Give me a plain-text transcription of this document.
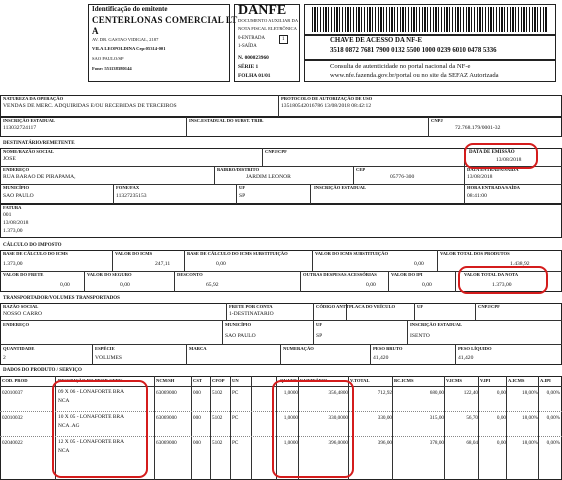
Identificação do emitente
CENTERLONAS COMERCIAL LT
A
AV. DR. GASTAO VIDIGAL, 2187
VILA LEOPOLDINA Cep:05314-001
SAO PAULO/SP
Fone: 551138380144
DANFE
DOCUMENTO AUXILIAR DA
NOTA FISCAL ELETRÔNICA
0-ENTRADA	1
1-SAÍDA
N. 000023960
SÉRIE 1
FOLHA 01/01
CHAVE DE ACESSO DA NF-E
3518 0872 7681 7900 0132 5500 1000 0239 6010 0478 5336
Consulta de autenticidade no portal nacional da NF-e
www.nfe.fazenda.gov.br/portal ou no site da SEFAZ Autorizada
NATUREZA DA OPERAÇÃO
VENDAS DE MERC. ADQUIRIDAS E/OU RECEBIDAS DE TERCEIROS
PROTOCOLO DE AUTORIZAÇÃO DE USO
135180542016786 13/08/2018 08:42:12
INSCRIÇÃO ESTADUAL
113032724117
INSC.ESTADUAL DO SUBST. TRIB.	CNPJ
72.768.179/0001-32
DESTINATÁRIO/REMETENTE
NOME/RAZÃO SOCIAL
JOSE
CNPJ/CPF	DATA DE EMISSÃO
13/08/2018
ENDEREÇO
RUA BARAO DE PIRAPAMA,
BAIRRO/DISTRITO
JARDIM LEONOR
CEP
05776-300
DATA ENTRADA/SAÍDA
13/08/2018
MUNICÍPIO
SAO PAULO
FONE/FAX
11327235153
UF
SP
INSCRIÇÃO ESTADUAL	HORA ENTRADA/SAÍDA
08:41:00
FATURA
001
13/08/2018
1.373,00
CÁLCULO DO IMPOSTO
BASE DE CÁLCULO DO ICMS
1.373,00
VALOR DO ICMS
247,11
BASE DE CÁLCULO DO ICMS SUBSTITUIÇÃO
0,00
VALOR DO ICMS SUBSTITUIÇÃO
0,00
VALOR TOTAL DOS PRODUTOS
1.438,92
VALOR DO FRETE
0,00
VALOR DO SEGURO
0,00
DESCONTO
65,92
OUTRAS DESPESAS ACESSÓRIAS
0,00
VALOR DO IPI
0,00
VALOR TOTAL DA NOTA
1.373,00
TRANSPORTADOR/VOLUMES TRANSPORTADOS
RAZÃO SOCIAL
NOSSO CARRO
FRETE POR CONTA
1-DESTINATARIO
CÓDIGO ANTT PLACA DO VEÍCULO	UF	CNPJ/CPF
ENDEREÇO	MUNICÍPIO
SAO PAULO
UF
SP
INSCRIÇÃO ESTADUAL
ISENTO
QUANTIDADE
2
ESPÉCIE
VOLUMES
MARCA	NUMERAÇÃO	PESO BRUTO
41,420
PESO LÍQUIDO
41,420
DADOS DO PRODUTO / SERVIÇO
COD. PROD	DESCRIÇÃO DO PROD./SERV.	NCM/SH	CST CFOP UN	QUANT. V.UNITÁRIO	V.TOTAL	BC.ICMS	V.ICMS	V.IPI	A.ICMS	A.IPI
02010037	09 X 06 - LONAFORTE BRA
NCA
63069000	000 5102 PC	1,0000	356,4800	712,92	680,00	122,40	0,00	18,00% 0,00%
02010032	10 X 05 - LONAFORTE BRA
NCA .AG
63069000	000 5102 PC	1,0000	330,0000	330,00	315,00	56,70	0,00	18,00% 0,00%
02040022	12 X 05 - LONAFORTE BRA
NCA
63069000	000 5102 PC	1,0000	396,0000	396,00	378,00	68,04	0,00	18,00% 0,00%
